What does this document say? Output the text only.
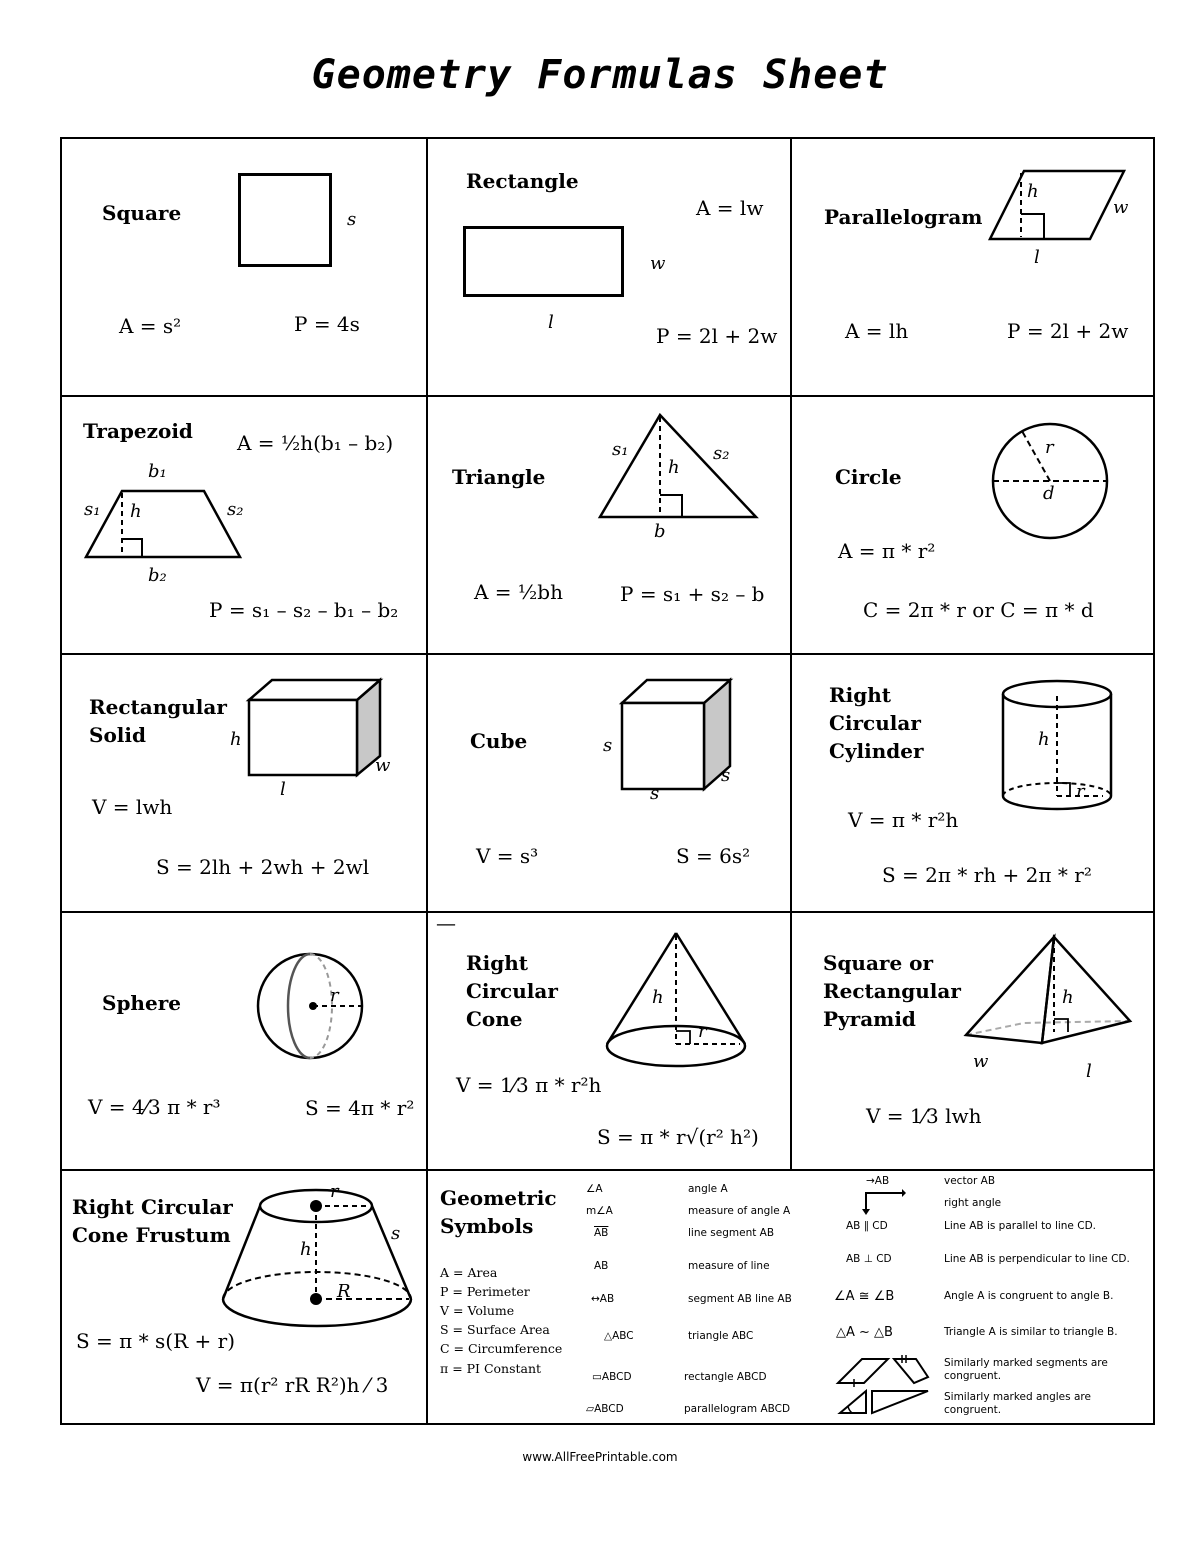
Geometry Formulas Sheet
Square	s
A = s²	P = 4s
Rectangle
A = lw
w
l
P = 2l + 2w
Parallelogram
h
w
l
A = lh	P = 2l + 2w
Trapezoid A = ½h(b₁ – b₂)
b₁
s₁ h	s₂
b₂
P = s₁ – s₂ – b₁ – b₂
Triangle
s₁
h
s₂
b
A = ½bh	P = s₁ + s₂ – b
Circle
r
d
A = π * r²
C = 2π * r or C = π * d
Rectangular
Solid	h
l
w
V = lwh
S = 2lh + 2wh + 2wl
Cube	s
s
s
V = s³	S = 6s²
Right
Circular
Cylinder	h
r
V = π * r²h
S = 2π * rh + 2π * r²
Sphere	r
V = 4⁄3 π * r³	S = 4π * r²
—
Right
Circular
Cone
h
r
V = 1⁄3 π * r²h
S = π * r√(r² h²)
Square or
Rectangular
Pyramid
h
w	l
V = 1⁄3 lwh
Right Circular
Cone Frustum
r
s
h
R
S = π * s(R + r)
V = π(r² rR R²)h ⁄ 3
Geometric
Symbols
A = Area
P = Perimeter
V = Volume
S = Surface Area
C = Circumference
π = PI Constant
∠A	angle A
m∠A	measure of angle A
$\overline{AB}$	line segment AB
AB	measure of line
↔AB	segment AB line AB
△ABC	triangle ABC
▭ABCD	rectangle ABCD
▱ABCD	parallelogram ABCD
→AB	vector AB
right angle
AB ∥ CD	Line AB is parallel to line CD.
AB ⊥ CD	Line AB is perpendicular to line CD.
∠A ≅ ∠B	Angle A is congruent to angle B.
△A ~ △B	Triangle A is similar to triangle B.
Similarly marked segments are
congruent.
Similarly marked angles are
congruent.
www.AllFreePrintable.com
